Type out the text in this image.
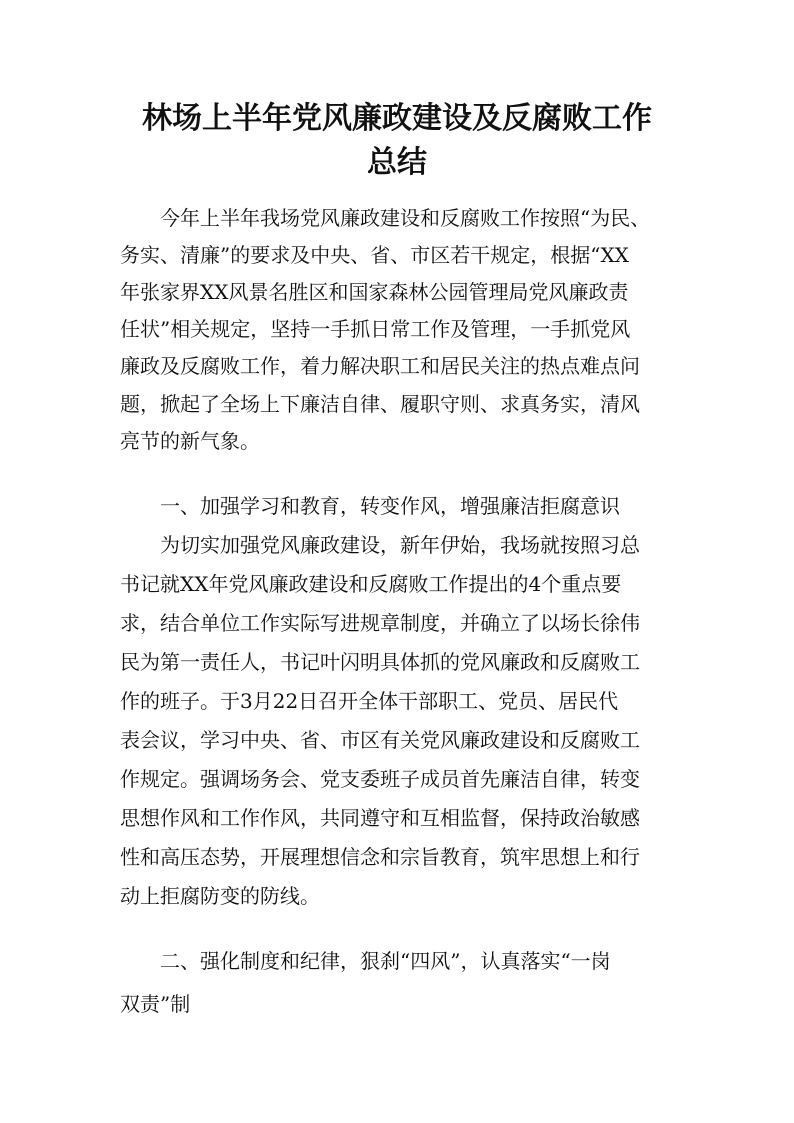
林场上半年党风廉政建设及反腐败工作
总结

今年上半年我场党风廉政建设和反腐败工作按照“为民、

务实、清廉”的要求及中央、省、市区若干规定，根据“XX

年张家界XX风景名胜区和国家森林公园管理局党风廉政责

任状”相关规定，坚持一手抓日常工作及管理，一手抓党风

廉政及反腐败工作，着力解决职工和居民关注的热点难点问

题，掀起了全场上下廉洁自律、履职守则、求真务实，清风

亮节的新气象。

一、加强学习和教育，转变作风，增强廉洁拒腐意识

为切实加强党风廉政建设，新年伊始，我场就按照习总

书记就XX年党风廉政建设和反腐败工作提出的4个重点要

求，结合单位工作实际写进规章制度，并确立了以场长徐伟

民为第一责任人，书记叶闪明具体抓的党风廉政和反腐败工

作的班子。于3月22日召开全体干部职工、党员、居民代

表会议，学习中央、省、市区有关党风廉政建设和反腐败工

作规定。强调场务会、党支委班子成员首先廉洁自律，转变

思想作风和工作作风，共同遵守和互相监督，保持政治敏感

性和高压态势，开展理想信念和宗旨教育，筑牢思想上和行

动上拒腐防变的防线。

二、强化制度和纪律，狠刹“四风”，认真落实“一岗

双责”制
